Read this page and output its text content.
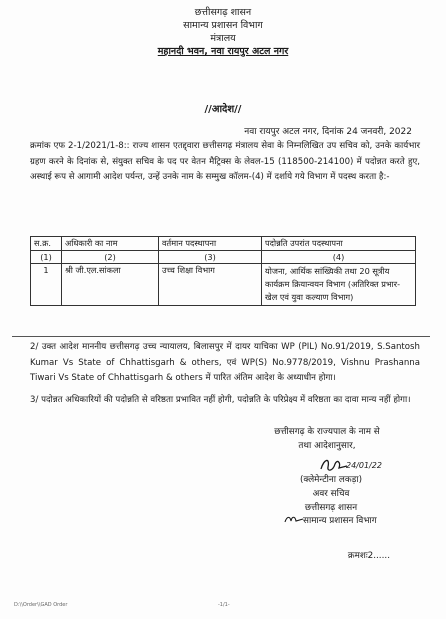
छत्तीसगढ़ शासन
सामान्य प्रशासन विभाग
मंत्रालय
महानदी भवन, नवा रायपुर अटल नगर
//आदेश//
नवा रायपुर अटल नगर, दिनांक 24 जनवरी, 2022
क्रमांक एफ 2-1/2021/1-8:: राज्य शासन एतद्द्वारा छत्तीसगढ़ मंत्रालय सेवा के निम्नलिखित उप सचिव को, उनके कार्यभार ग्रहण करने के दिनांक से, संयुक्त सचिव के पद पर वेतन मैट्रिक्स के लेवल-15 (118500-214100) में पदोन्नत करते हुए, अस्थाई रूप से आगामी आदेश पर्यन्त, उन्हें उनके नाम के सम्मुख कॉलम-(4) में दर्शाये गये विभाग में पदस्थ करता है:-
स.क्र.	अधिकारी का नाम	वर्तमान पदस्थापना	पदोन्नति उपरांत पदस्थापना
(1)	(2)	(3)	(4)
1	श्री जी.एल.सांकला	उच्च शिक्षा विभाग	योजना, आर्थिक सांख्यिकी तथा 20 सूत्रीय कार्यक्रम क्रियान्वयन विभाग (अतिरिक्त प्रभार-खेल एवं युवा कल्याण विभाग)
2/ उक्त आदेश माननीय छत्तीसगढ़ उच्च न्यायालय, बिलासपुर में दायर याचिका WP (PIL) No.91/2019, S.Santosh Kumar Vs State of Chhattisgarh & others, एवं WP(S) No.9778/2019, Vishnu Prashanna Tiwari Vs State of Chhattisgarh & others में पारित अंतिम आदेश के अध्याधीन होगा।
3/ पदोन्नत अधिकारियों की पदोन्नति से वरिष्ठता प्रभावित नहीं होगी, पदोन्नति के परिप्रेक्ष्य में वरिष्ठता का दावा मान्य नहीं होगा।
छत्तीसगढ़ के राज्यपाल के नाम से
तथा आदेशानुसार,
24/01/22
(क्लेमेन्टीना लकड़ा)
अवर सचिव
छत्तीसगढ़ शासन
सामान्य प्रशासन विभाग
क्रमशः2......
D:\\Order\\GAD Order	-1/1-
